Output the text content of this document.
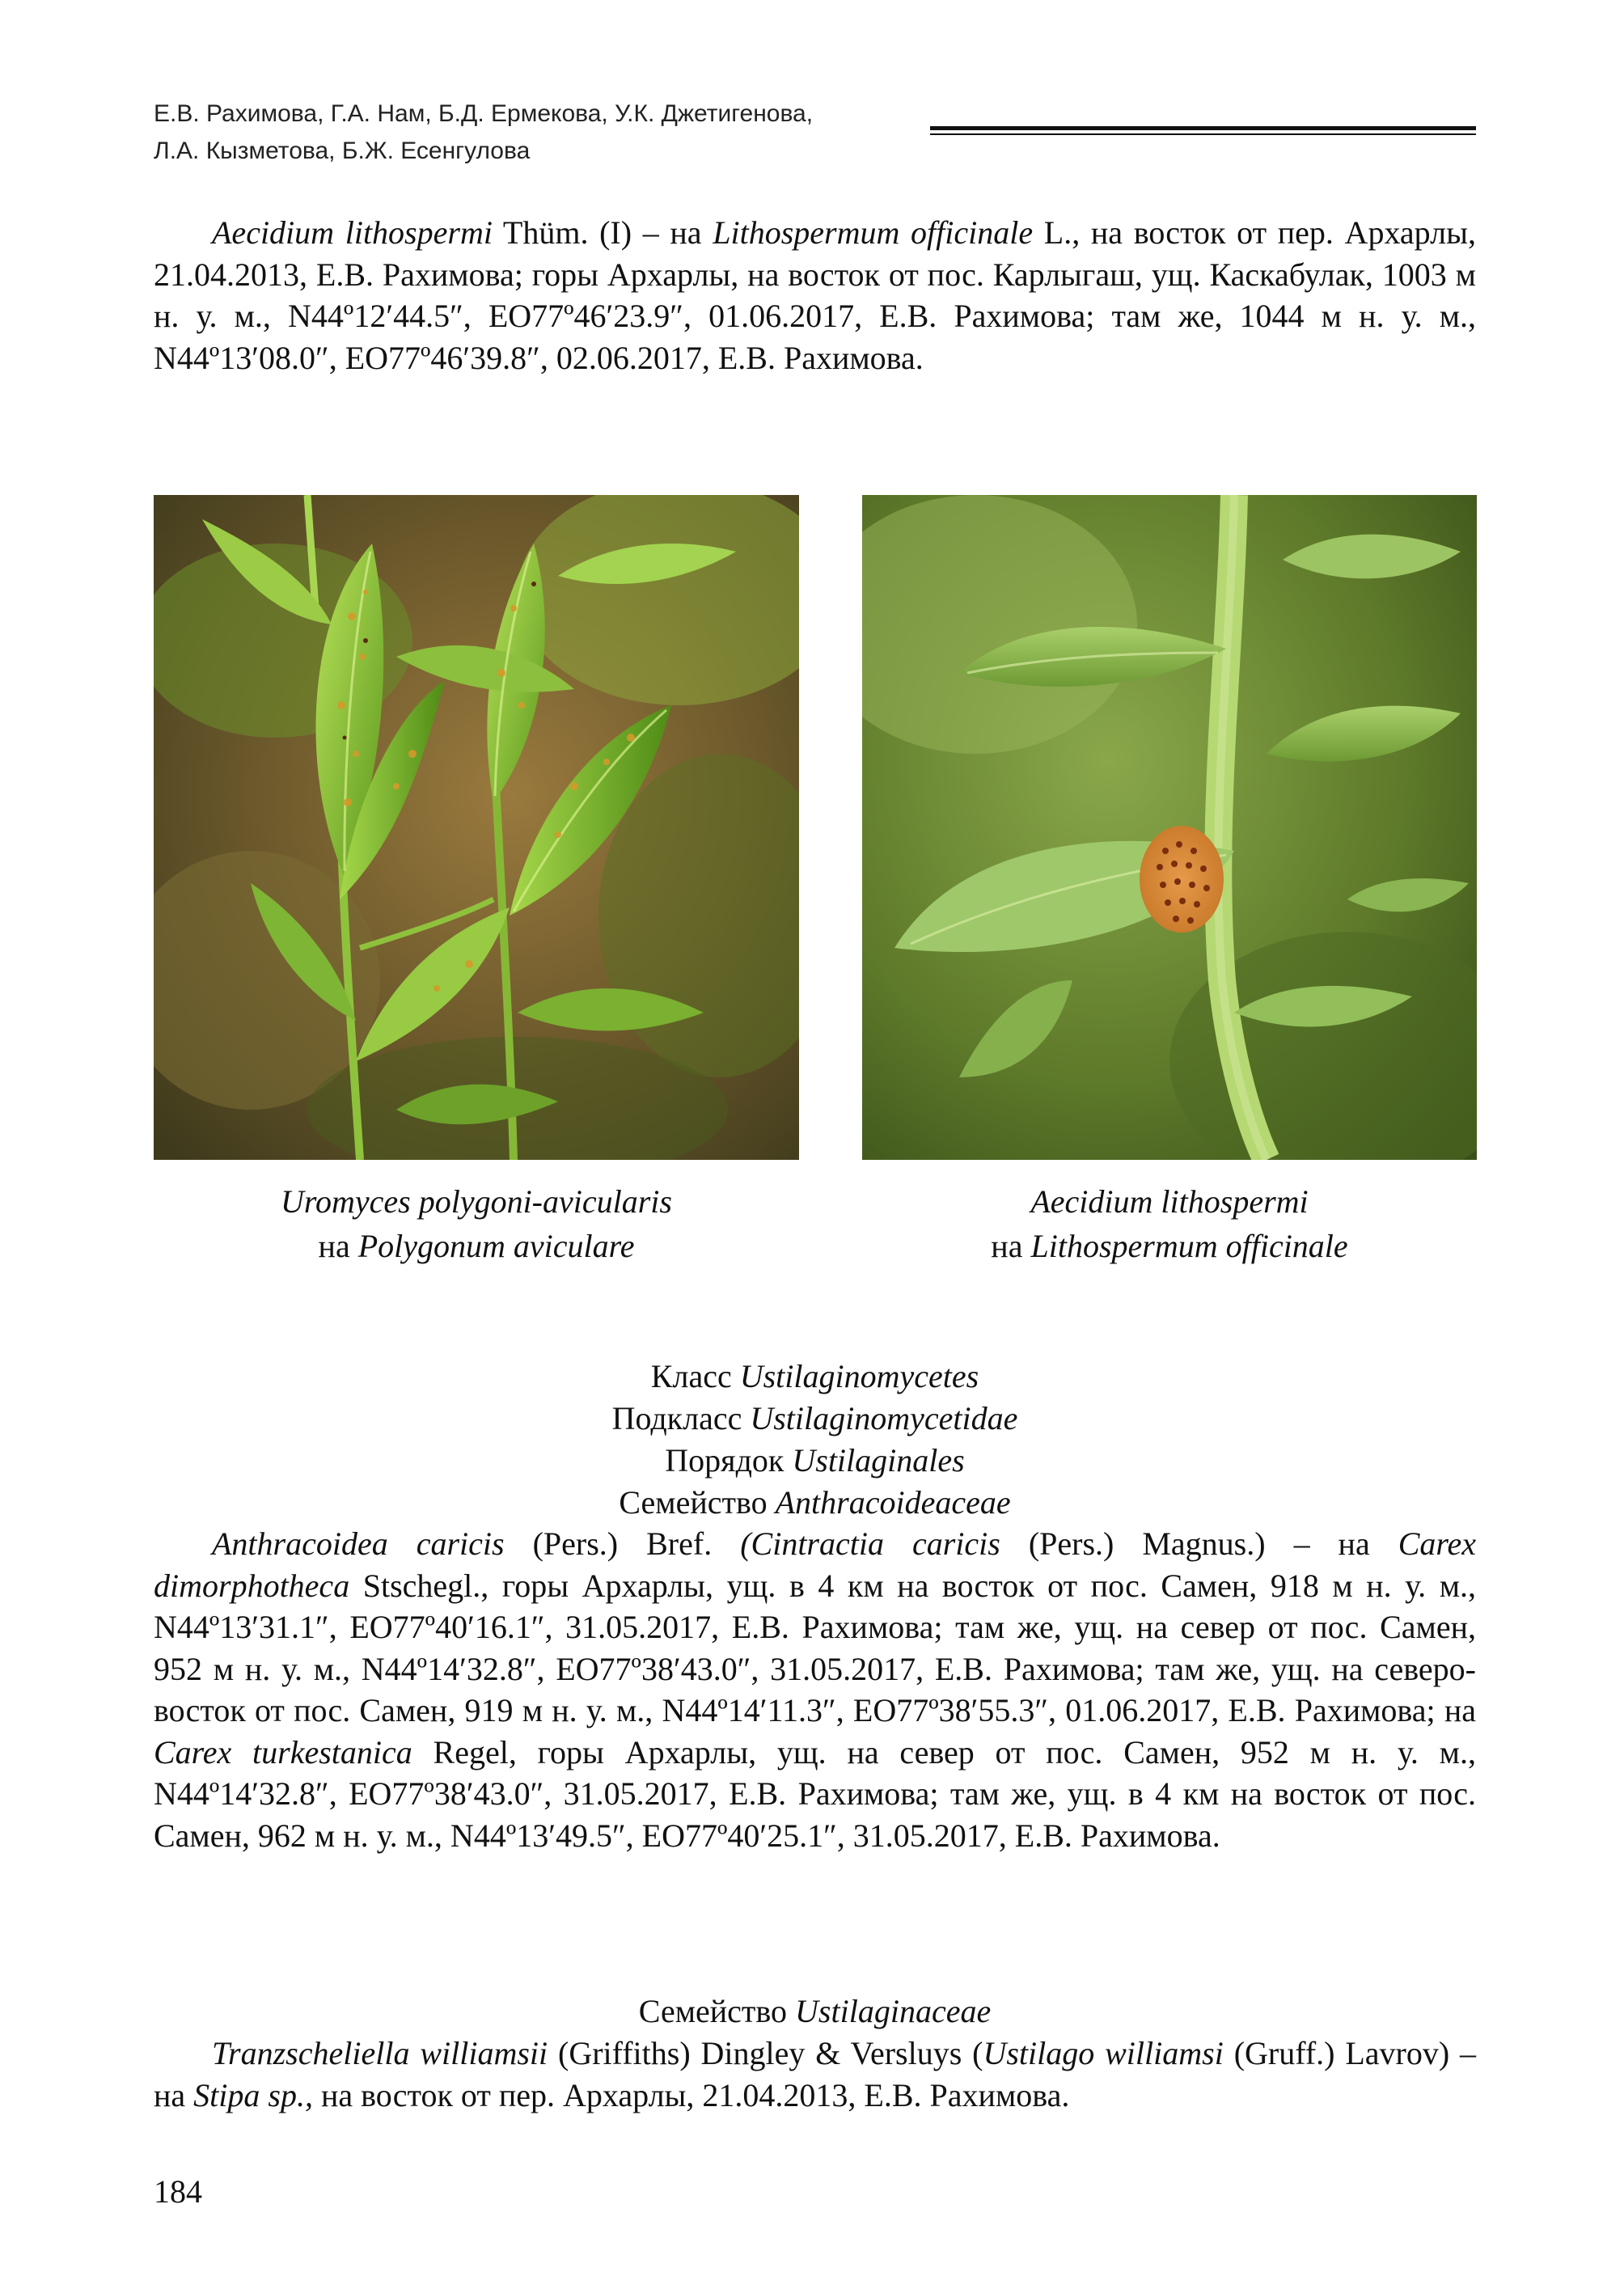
Е.В. Рахимова, Г.А. Нам, Б.Д. Ермекова, У.К. Джетигенова,
Л.А. Кызметова, Б.Ж. Есенгулова

Aecidium lithospermi Thüm. (I) – на Lithospermum officinale L., на восток от пер. Архарлы, 21.04.2013, Е.В. Рахимова; горы Архарлы, на восток от пос. Карлыгаш, ущ. Каскабулак, 1003 м н. у. м., N44º12′44.5″, EO77º46′23.9″, 01.06.2017, Е.В. Рахимова; там же, 1044 м н. у. м., N44º13′08.0″, EO77º46′39.8″, 02.06.2017, Е.В. Рахимова.

Uromyces polygoni-avicularis
на Polygonum aviculare
Aecidium lithospermi
на Lithospermum officinale
Класс Ustilaginomycetes
Подкласс Ustilaginomycetidae
Порядок Ustilaginales
Семейство Anthracoideaceae

Anthracoidea caricis (Pers.) Bref. (Cintractia caricis (Pers.) Magnus.) – на Carex dimorphotheca Stschegl., горы Архарлы, ущ. в 4 км на восток от пос. Самен, 918 м н. у. м., N44º13′31.1″, EO77º40′16.1″, 31.05.2017, Е.В. Рахимова; там же, ущ. на север от пос. Самен, 952 м н. у. м., N44º14′32.8″, EO77º38′43.0″, 31.05.2017, Е.В. Рахимова; там же, ущ. на северо-восток от пос. Самен, 919 м н. у. м., N44º14′11.3″, EO77º38′55.3″, 01.06.2017, Е.В. Рахимова; на Carex turkestanica Regel, горы Архарлы, ущ. на север от пос. Самен, 952 м н. у. м., N44º14′32.8″, EO77º38′43.0″, 31.05.2017, Е.В. Рахимова; там же, ущ. в 4 км на восток от пос. Самен, 962 м н. у. м., N44º13′49.5″, EO77º40′25.1″, 31.05.2017, Е.В. Рахимова.

Семейство Ustilaginaceae

Tranzscheliella williamsii (Griffiths) Dingley & Versluys (Ustilago williamsi (Gruff.) Lavrov) – на Stipa sp., на восток от пер. Архарлы, 21.04.2013, Е.В. Рахимова.

184
